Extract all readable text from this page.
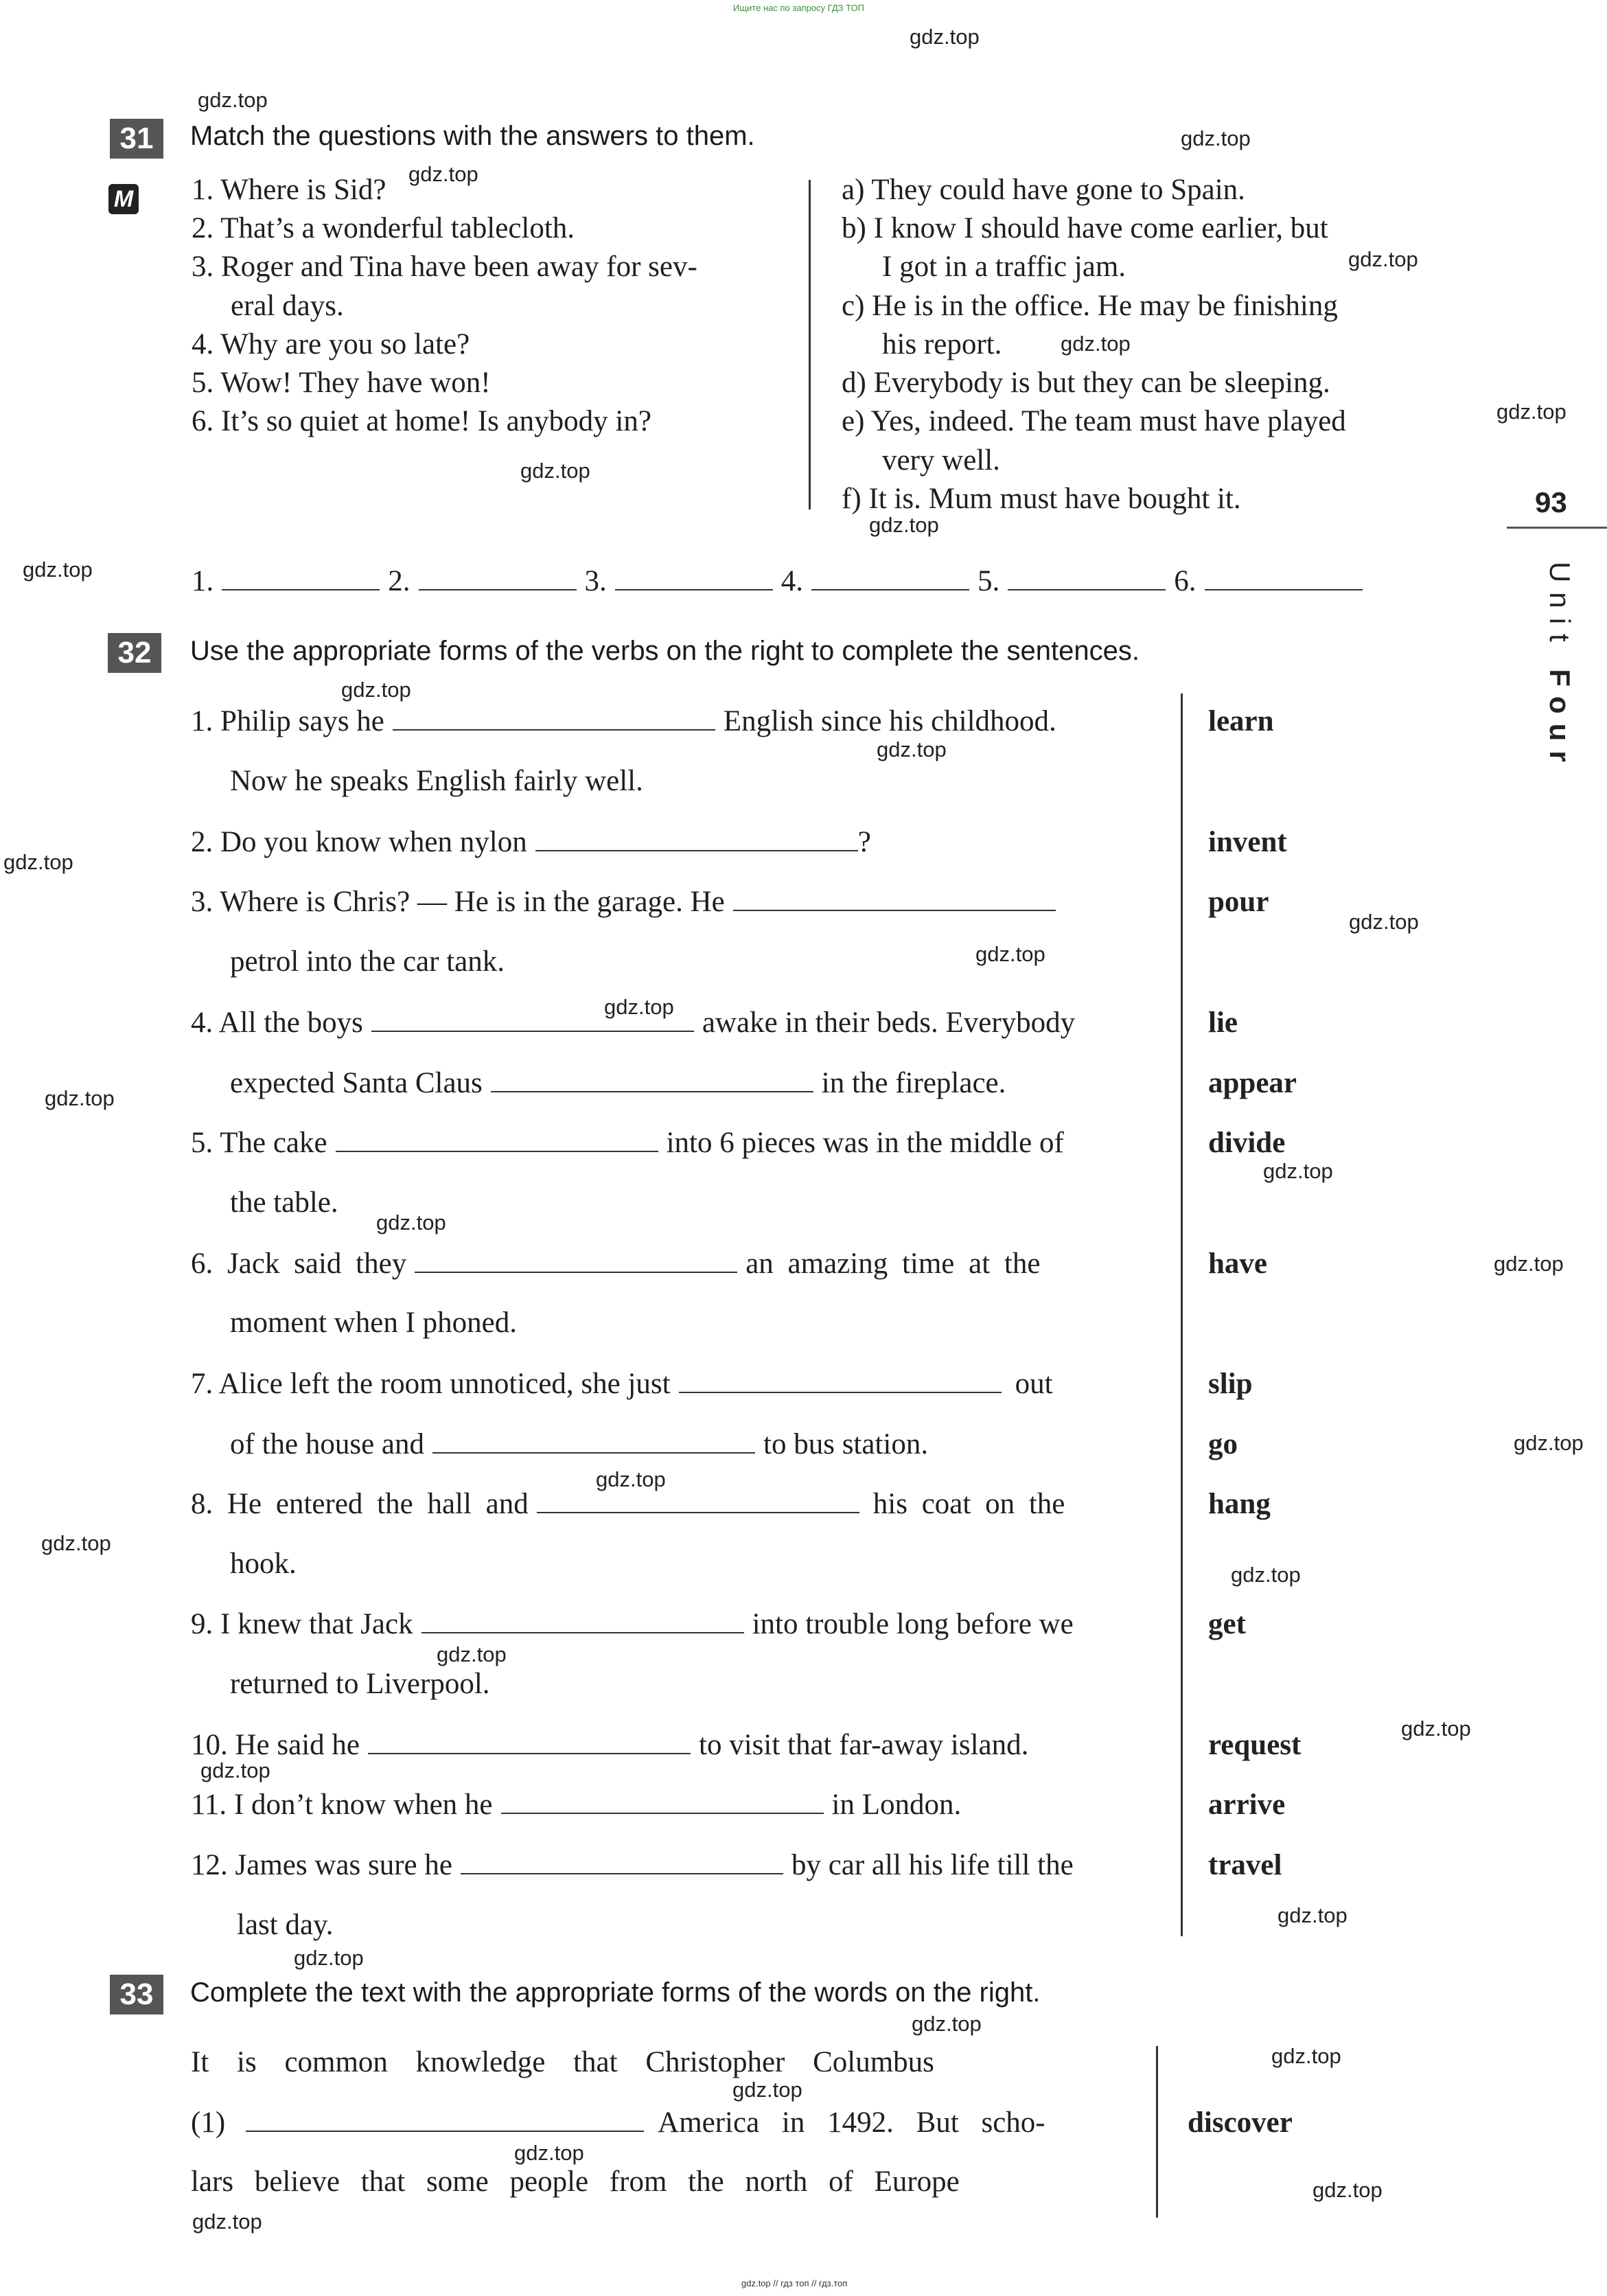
Ищите нас по запросу ГДЗ ТОП
gdz.top // гдз топ // гдз.топ
gdz.top
gdz.top
gdz.top
gdz.top
gdz.top
gdz.top
gdz.top
gdz.top
gdz.top
gdz.top
gdz.top
gdz.top
gdz.top
gdz.top
gdz.top
gdz.top
gdz.top
gdz.top
gdz.top
gdz.top
gdz.top
gdz.top
gdz.top
gdz.top
gdz.top
gdz.top
gdz.top
gdz.top
gdz.top
gdz.top
gdz.top
gdz.top
gdz.top
gdz.top
gdz.top
93
Unit Four
31	Match the questions with the answers to them.
M 1. Where is Sid?
2. That’s a wonderful tablecloth.
3. Roger and Tina have been away for sev-
eral days.
4. Why are you so late?
5. Wow! They have won!
6. It’s so quiet at home! Is anybody in?
a) They could have gone to Spain.
b) I know I should have come earlier, but
I got in a traffic jam.
c) He is in the office. He may be finishing
his report.
d) Everybody is but they can be sleeping.
e) Yes, indeed. The team must have played
very well.
f) It is. Mum must have bought it.
1.	2.	3.	4.	5.	6.
32	Use the appropriate forms of the verbs on the right to complete the sentences.
1. Philip says he	English since his childhood.
Now he speaks English fairly well.
2. Do you know when nylon	?
3. Where is Chris? — He is in the garage. He
petrol into the car tank.
4. All the boys	awake in their beds. Everybody
expected Santa Claus	in the fireplace.
5. The cake	into 6 pieces was in the middle of
the table.
6. Jack said they	an amazing time at the
moment when I phoned.
7. Alice left the room unnoticed, she just	out
of the house and	to bus station.
8. He entered the hall and	his coat on the
hook.
9. I knew that Jack	into trouble long before we
returned to Liverpool.
10. He said he	to visit that far-away island.
11. I don’t know when he	in London.
12. James was sure he	by car all his life till the
last day.
learn
invent
pour
lie
appear
divide
have
slip
go
hang
get
request
arrive
travel
33	Complete the text with the appropriate forms of the words on the right.
It is common knowledge that Christopher Columbus
(1)	America in 1492. But scho-
lars believe that some people from the north of Europe
discover
